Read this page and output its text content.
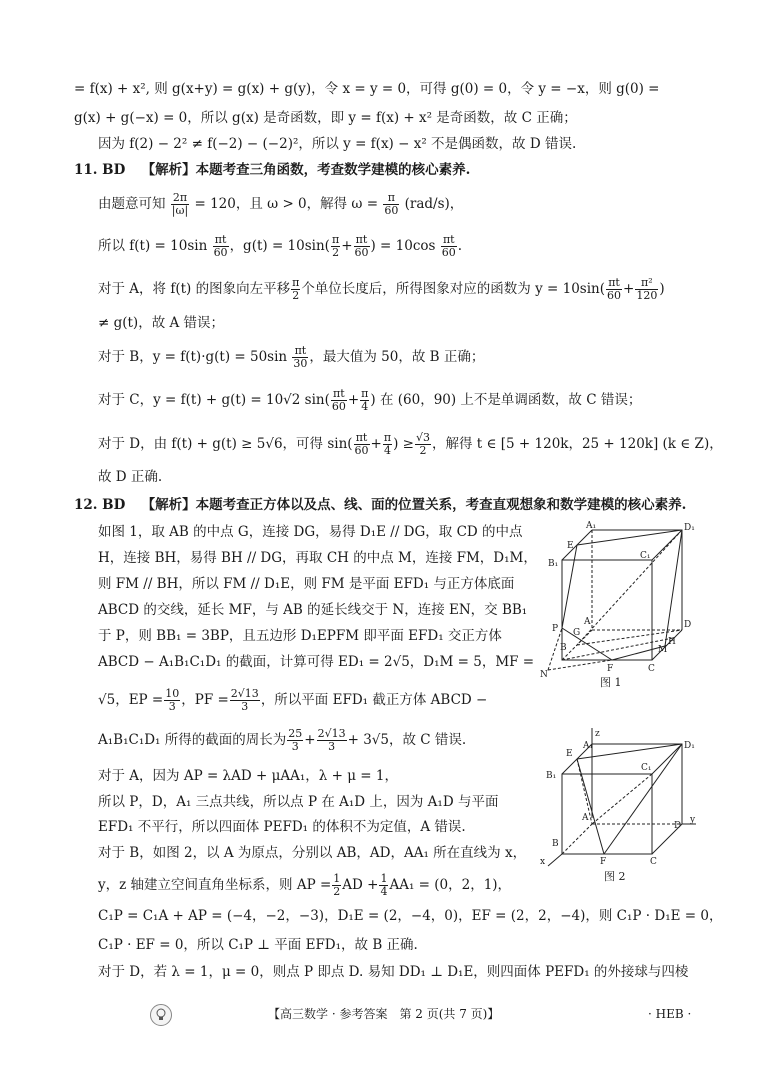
= f(x) + x², 则 g(x+y) = g(x) + g(y)，令 x = y = 0，可得 g(0) = 0，令 y = −x，则 g(0) =
g(x) + g(−x) = 0，所以 g(x) 是奇函数，即 y = f(x) + x² 是奇函数，故 C 正确；
因为 f(2) − 2² ≠ f(−2) − (−2)²，所以 y = f(x) − x² 不是偶函数，故 D 错误.
11. BD 【解析】本题考查三角函数，考查数学建模的核心素养.
由题意可知 $\frac{2\pi}{|\omega|} = 120$，且 ω > 0，解得 $\omega = \frac{\pi}{60} (rad/s)$，
所以 $f(t) = 10\sin \frac{\pi t}{60}$ ，$g(t) = 10\sin( \frac{\pi}{2} + \frac{\pi t}{60}$ ) = $10\cos \frac{\pi t}{60}$ .
对于 A，将 f(t) 的图象向左平移 $\frac{\pi}{2}$ 个单位长度后，所得图象对应的函数为 $y = 10\sin( \frac{\pi t}{60} + \frac{\text{π²}}{120}$ )
≠ g(t)，故 A 错误；
对于 B，$y = f(t)\cdot g(t) = 50\sin \frac{\pi t}{30}$ ，最大值为 50，故 B 正确；
对于 C，y = f(t) + g(t) = 10√2 $\sin( \frac{\pi t}{60} + \frac{\pi}{4}$ ) 在 (60，90) 上不是单调函数，故 C 错误；
对于 D，由 f(t) + g(t) ≥ 5√6，可得 $\sin( \frac{\pi t}{60} + \frac{\pi}{4}$ ) ≥ $\frac{√3}{2}$ ，解得 t ∈ [5 + 120k，25 + 120k] (k ∈ Z)，
故 D 正确.
12. BD 【解析】本题考查正方体以及点、线、面的位置关系，考查直观想象和数学建模的核心素养.
如图 1，取 AB 的中点 G，连接 DG，易得 D₁E // DG，取 CD 的中点
H，连接 BH，易得 BH // DG，再取 CH 的中点 M，连接 FM，D₁M，
则 FM // BH，所以 FM // D₁E，则 FM 是平面 EFD₁ 与正方体底面
ABCD 的交线，延长 MF，与 AB 的延长线交于 N，连接 EN，交 BB₁
于 P，则 BB₁ = 3BP，且五边形 D₁EPFM 即平面 EFD₁ 交正方体
ABCD − A₁B₁C₁D₁ 的截面，计算可得 ED₁ = 2√5，D₁M = 5，MF =
√5，EP = $\frac{10}{3}$ ，PF = $\frac{2√13}{3}$ ，所以平面 EFD₁ 截正方体 ABCD −
A₁B₁C₁D₁ 所得的截面的周长为 $\frac{25}{3} + \frac{2√13}{3} + 3√5$，故 C 错误.
对于 A，因为 AP = λAD + μAA₁，λ + μ = 1，
所以 P，D，A₁ 三点共线，所以点 P 在 A₁D 上，因为 A₁D 与平面
EFD₁ 不平行，所以四面体 PEFD₁ 的体积不为定值，A 错误.
对于 B，如图 2，以 A 为原点，分别以 AB，AD，AA₁ 所在直线为 x，
y，z 轴建立空间直角坐标系，则 AP = $\frac{1}{2}$ AD + $\frac{1}{4} AA_1 = (0$，2，1)，
C₁P = C₁A + AP = (−4，−2，−3)，D₁E = (2，−4，0)，EF = (2，2，−4)，则 C₁P · D₁E = 0，
C₁P · EF = 0，所以 C₁P ⊥ 平面 EFD₁，故 B 正确.
对于 D，若 λ = 1，μ = 0，则点 P 即点 D. 易知 DD₁ ⊥ D₁E，则四面体 PEFD₁ 的外接球与四棱
A₁	D₁
E
C₁
B₁
A
G
P	D
H
M
C
B
F
N
图 1
z
A₁	D₁
E
C₁
B₁
A
D
y
B
F	C
x
图 2
【高三数学 · 参考答案　第 2 页(共 7 页)】	· HEB ·
